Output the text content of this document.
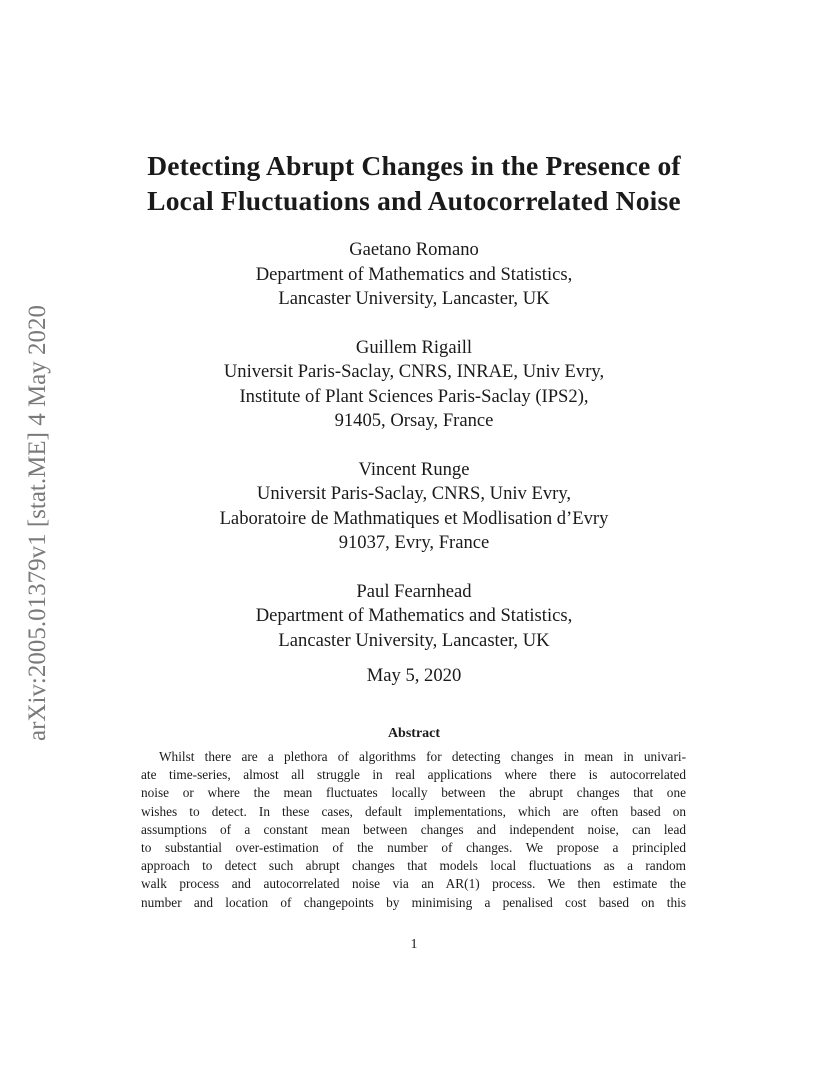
arXiv:2005.01379v1 [stat.ME] 4 May 2020
Detecting Abrupt Changes in the Presence of
Local Fluctuations and Autocorrelated Noise
Gaetano Romano
Department of Mathematics and Statistics,
Lancaster University, Lancaster, UK
Guillem Rigaill
Universit Paris-Saclay, CNRS, INRAE, Univ Evry,
Institute of Plant Sciences Paris-Saclay (IPS2),
91405, Orsay, France
Vincent Runge
Universit Paris-Saclay, CNRS, Univ Evry,
Laboratoire de Mathmatiques et Modlisation d’Evry
91037, Evry, France
Paul Fearnhead
Department of Mathematics and Statistics,
Lancaster University, Lancaster, UK
May 5, 2020
Abstract
Whilst there are a plethora of algorithms for detecting changes in mean in univari-
ate time-series, almost all struggle in real applications where there is autocorrelated
noise or where the mean fluctuates locally between the abrupt changes that one
wishes to detect. In these cases, default implementations, which are often based on
assumptions of a constant mean between changes and independent noise, can lead
to substantial over-estimation of the number of changes. We propose a principled
approach to detect such abrupt changes that models local fluctuations as a random
walk process and autocorrelated noise via an AR(1) process. We then estimate the
number and location of changepoints by minimising a penalised cost based on this
1
